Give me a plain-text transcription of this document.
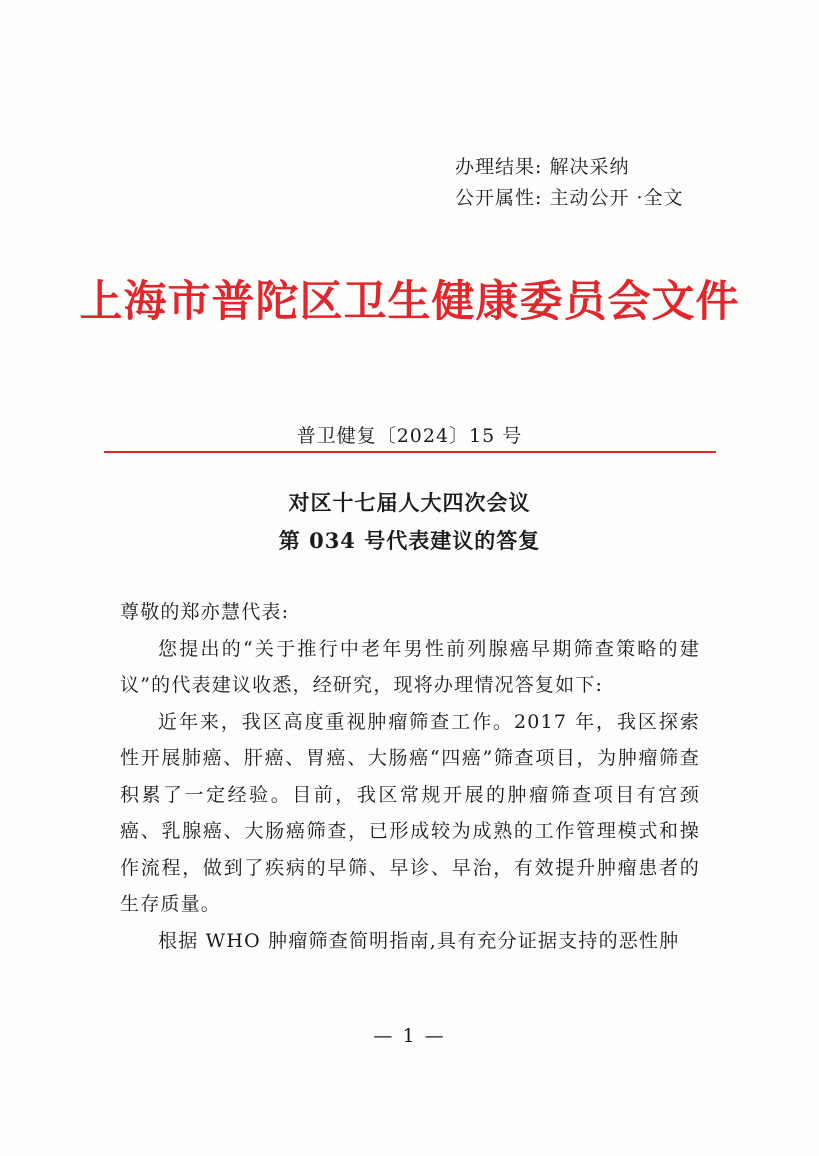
办理结果: 解决采纳
公开属性: 主动公开 ·全文
上海市普陀区卫生健康委员会文件
普卫健复〔2024〕15 号
对区十七届人大四次会议
第 034 号代表建议的答复

尊敬的郑亦慧代表:

您提出的“关于推行中老年男性前列腺癌早期筛查策略的建议”的代表建议收悉，经研究，现将办理情况答复如下:

近年来，我区高度重视肿瘤筛查工作。2017 年，我区探索性开展肺癌、肝癌、胃癌、大肠癌“四癌”筛查项目，为肿瘤筛查积累了一定经验。目前，我区常规开展的肿瘤筛查项目有宫颈癌、乳腺癌、大肠癌筛查，已形成较为成熟的工作管理模式和操作流程，做到了疾病的早筛、早诊、早治，有效提升肿瘤患者的生存质量。

根据 WHO 肿瘤筛查简明指南,具有充分证据支持的恶性肿

— 1 —
